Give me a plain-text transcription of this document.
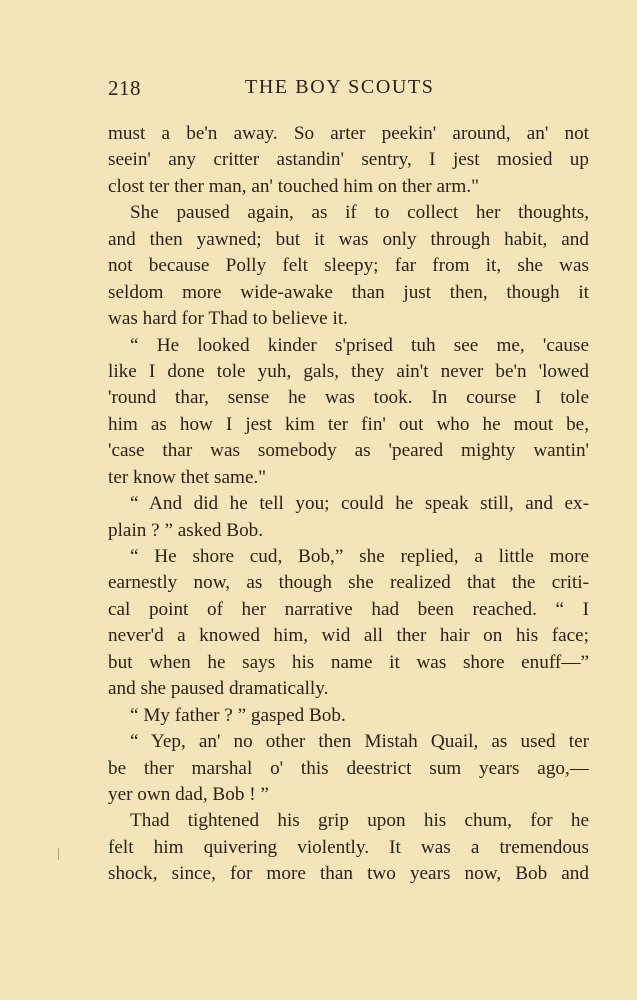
218	THE BOY SCOUTS
must a be'n away. So arter peekin' around, an' not
seein' any critter astandin' sentry, I jest mosied up
clost ter ther man, an' touched him on ther arm."
She paused again, as if to collect her thoughts,
and then yawned; but it was only through habit, and
not because Polly felt sleepy; far from it, she was
seldom more wide-awake than just then, though it
was hard for Thad to believe it.
“ He looked kinder s'prised tuh see me, 'cause
like I done tole yuh, gals, they ain't never be'n 'lowed
'round thar, sense he was took. In course I tole
him as how I jest kim ter fin' out who he mout be,
'case thar was somebody as 'peared mighty wantin'
ter know thet same."
“ And did he tell you; could he speak still, and ex-
plain ? ” asked Bob.
“ He shore cud, Bob,” she replied, a little more
earnestly now, as though she realized that the criti-
cal point of her narrative had been reached. “ I
never'd a knowed him, wid all ther hair on his face;
but when he says his name it was shore enuff—”
and she paused dramatically.
“ My father ? ” gasped Bob.
“ Yep, an' no other then Mistah Quail, as used ter
be ther marshal o' this deestrict sum years ago,—
yer own dad, Bob ! ”
Thad tightened his grip upon his chum, for he
felt him quivering violently. It was a tremendous
shock, since, for more than two years now, Bob and
